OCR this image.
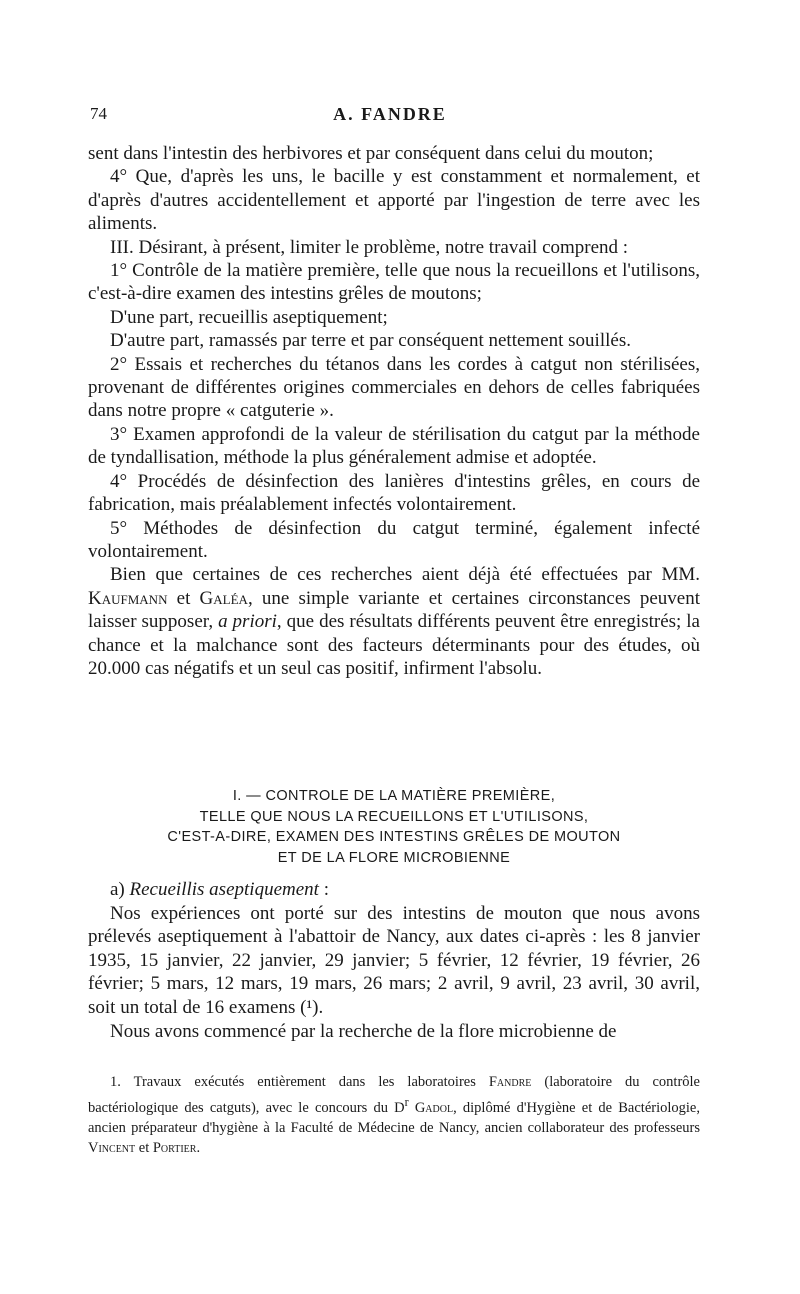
74	A. FANDRE

sent dans l'intestin des herbivores et par conséquent dans celui du mouton;

4° Que, d'après les uns, le bacille y est constamment et normalement, et d'après d'autres accidentellement et apporté par l'ingestion de terre avec les aliments.

III. Désirant, à présent, limiter le problème, notre travail comprend :

1° Contrôle de la matière première, telle que nous la recueillons et l'utilisons, c'est-à-dire examen des intestins grêles de moutons;

D'une part, recueillis aseptiquement;

D'autre part, ramassés par terre et par conséquent nettement souillés.

2° Essais et recherches du tétanos dans les cordes à catgut non stérilisées, provenant de différentes origines commerciales en dehors de celles fabriquées dans notre propre « catguterie ».

3° Examen approfondi de la valeur de stérilisation du catgut par la méthode de tyndallisation, méthode la plus généralement admise et adoptée.

4° Procédés de désinfection des lanières d'intestins grêles, en cours de fabrication, mais préalablement infectés volontairement.

5° Méthodes de désinfection du catgut terminé, également infecté volontairement.

Bien que certaines de ces recherches aient déjà été effectuées par MM. Kaufmann et Galéa, une simple variante et certaines circonstances peuvent laisser supposer, a priori, que des résultats différents peuvent être enregistrés; la chance et la malchance sont des facteurs déterminants pour des études, où 20.000 cas négatifs et un seul cas positif, infirment l'absolu.

I. — CONTROLE DE LA MATIÈRE PREMIÈRE,
TELLE QUE NOUS LA RECUEILLONS ET L'UTILISONS,
C'EST-A-DIRE, EXAMEN DES INTESTINS GRÊLES DE MOUTON
ET DE LA FLORE MICROBIENNE

a) Recueillis aseptiquement :

Nos expériences ont porté sur des intestins de mouton que nous avons prélevés aseptiquement à l'abattoir de Nancy, aux dates ci-après : les 8 janvier 1935, 15 janvier, 22 janvier, 29 janvier; 5 février, 12 février, 19 février, 26 février; 5 mars, 12 mars, 19 mars, 26 mars; 2 avril, 9 avril, 23 avril, 30 avril, soit un total de 16 examens (¹).

Nous avons commencé par la recherche de la flore microbienne de

1. Travaux exécutés entièrement dans les laboratoires Fandre (laboratoire du contrôle bactériologique des catguts), avec le concours du $D^r$ Gadol, diplômé d'Hygiène et de Bactériologie, ancien préparateur d'hygiène à la Faculté de Médecine de Nancy, ancien collaborateur des professeurs Vincent et Portier.
